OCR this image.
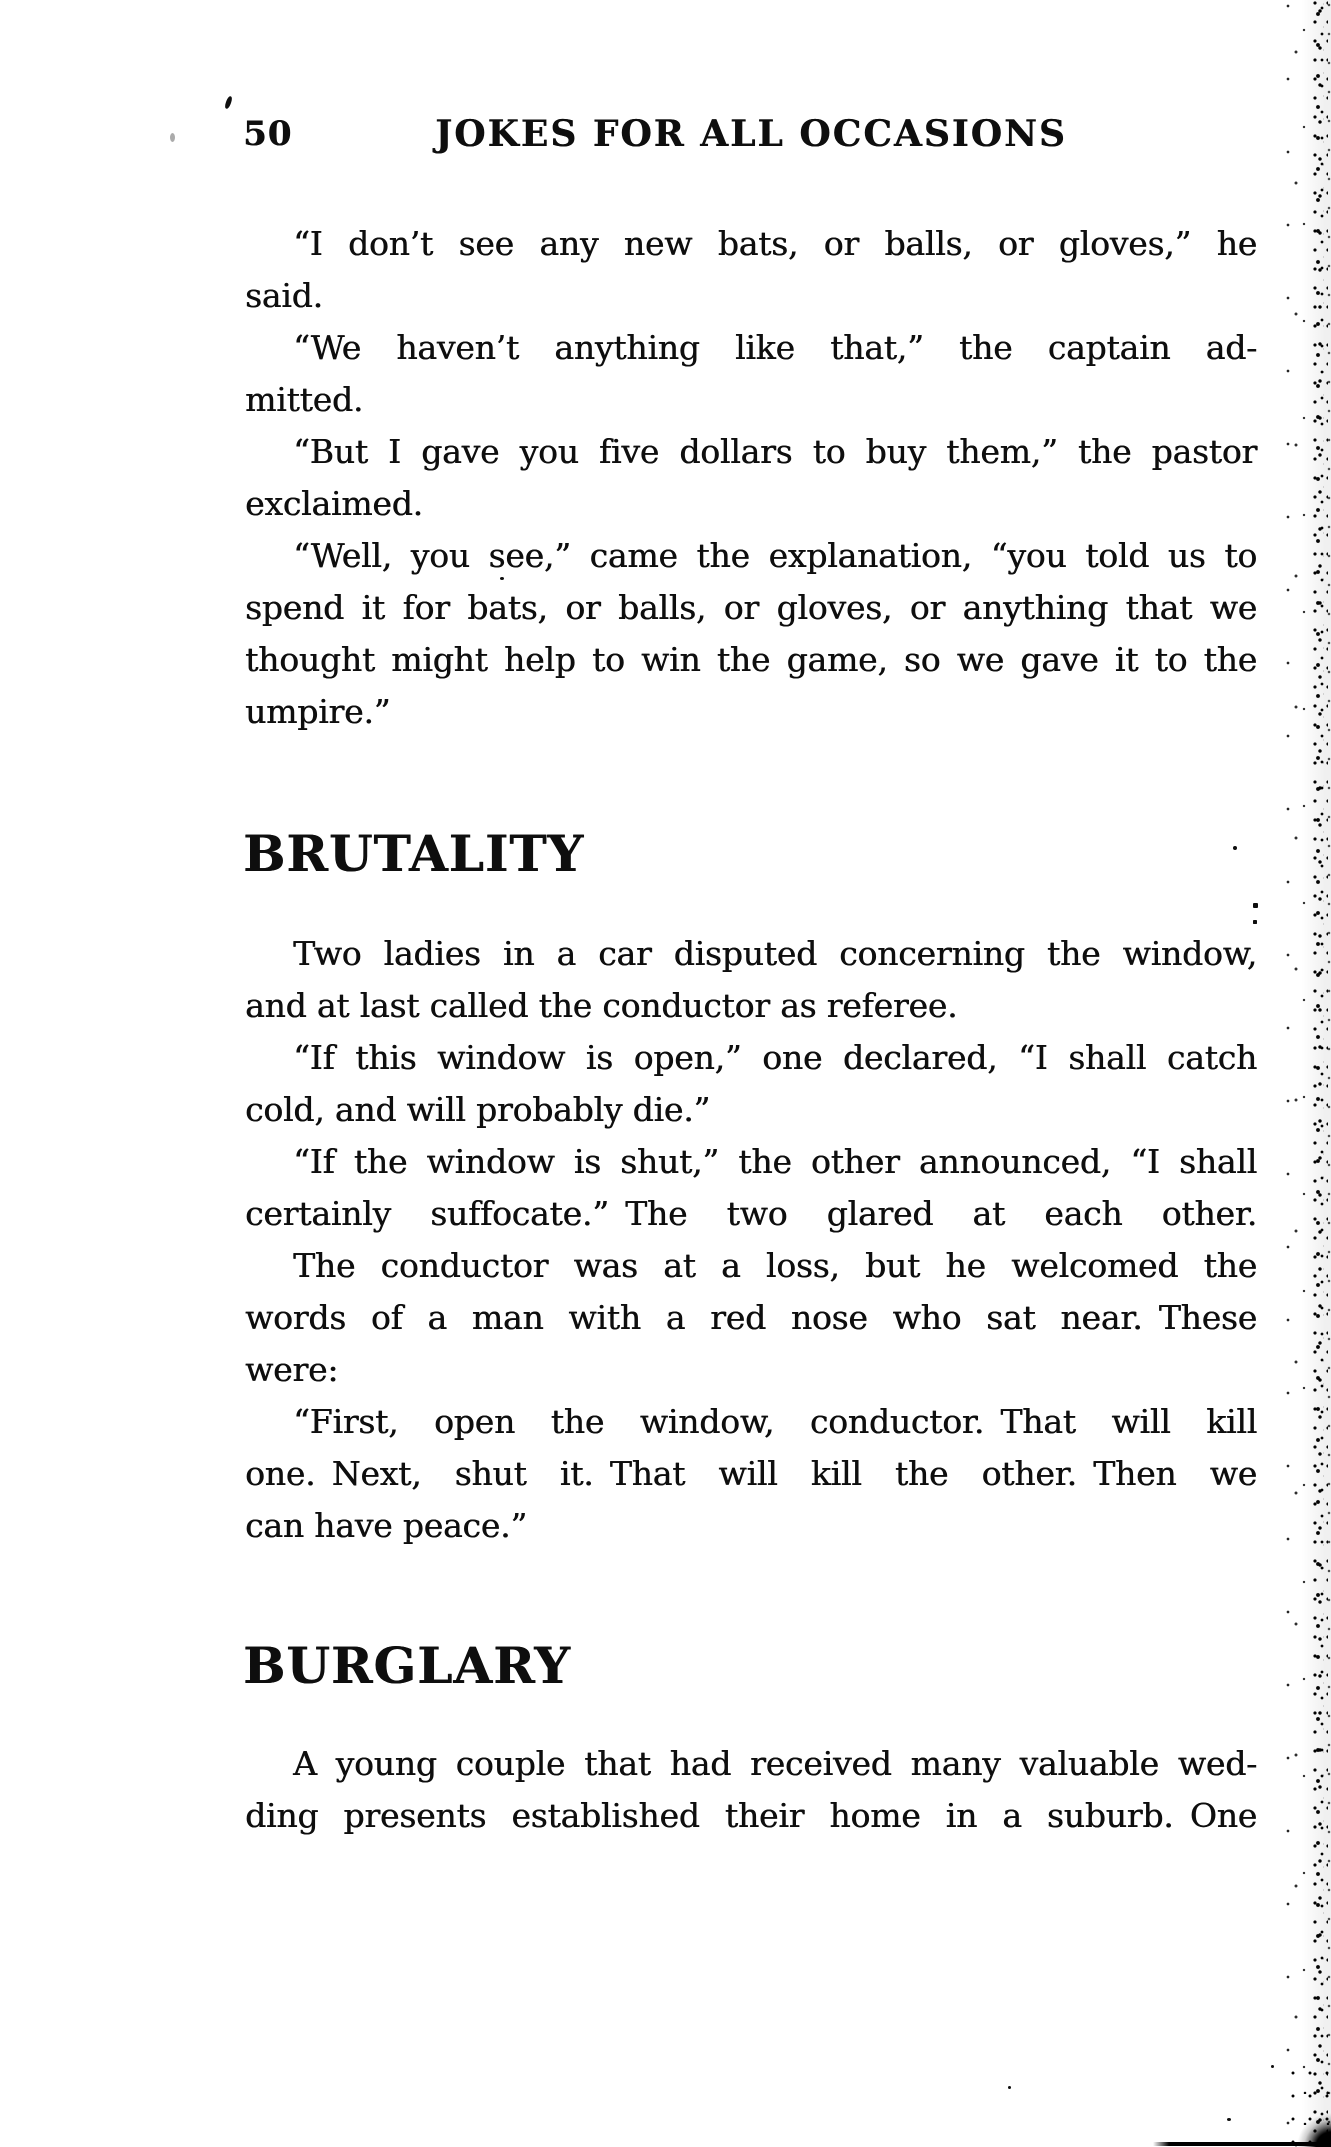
50	JOKES FOR ALL OCCASIONS

“I don’t see any new bats, or balls, or gloves,” he
said.

“We haven’t anything like that,” the captain ad-
mitted.

“But I gave you five dollars to buy them,” the pastor
exclaimed.

“Well, you see,” came the explanation, “you told us to
spend it for bats, or balls, or gloves, or anything that we
thought might help to win the game, so we gave it to the
umpire.”

BRUTALITY

Two ladies in a car disputed concerning the window,
and at last called the conductor as referee.

“If this window is open,” one declared, “I shall catch
cold, and will probably die.”

“If the window is shut,” the other announced, “I shall
certainly suffocate.” The two glared at each other.

The conductor was at a loss, but he welcomed the
words of a man with a red nose who sat near. These
were:

“First, open the window, conductor. That will kill
one. Next, shut it. That will kill the other. Then we
can have peace.”

BURGLARY

A young couple that had received many valuable wed-
ding presents established their home in a suburb. One
